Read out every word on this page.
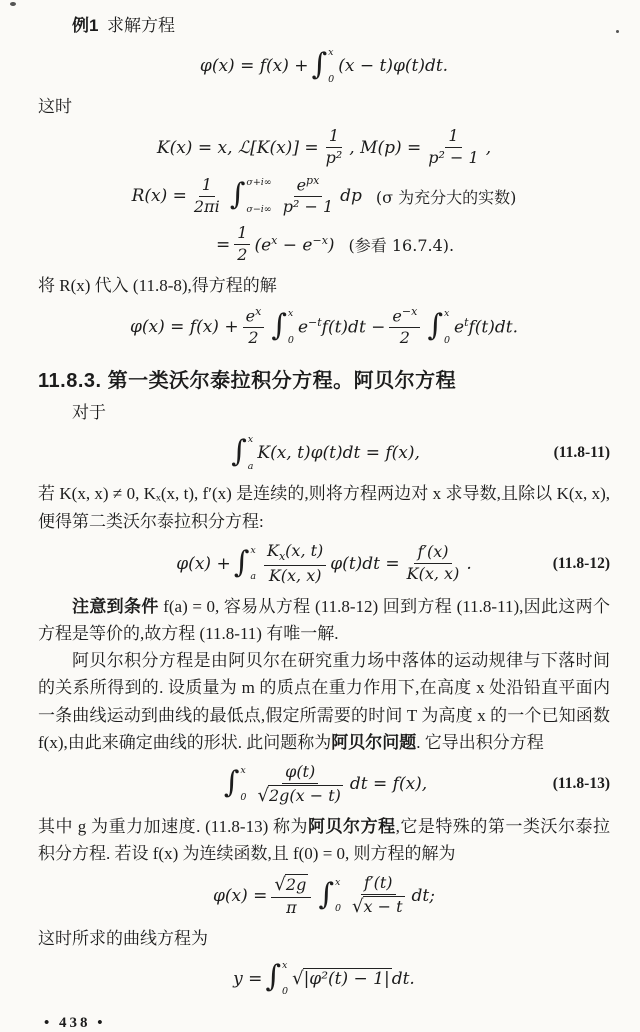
例1 求解方程

φ(x) = f(x) + ∫ x
0
(x − t)φ(t)dt.

这时

K(x) = x, ℒ[K(x)] = $\frac{1}{\text{p²}}$ , $M(p) = \frac{1}{\text{p² − 1}}$ ,
$R(x) = \frac{1}{2\pi i}$ ∫ σ+i∞
σ−i∞
$e^{px}$
p² − 1
dp (σ 为充分大的实数)
= $\frac{1}{2} (e^x - e^{-x})$ (参看 16.7.4).

将 R(x) 代入 (11.8-8),得方程的解

$\varphi(x) = f(x) + \frac{e^x}{2}$ ∫ x
0
$e^{-t}f(t)dt - \frac{e^{-x}}{2}$ ∫ x
0
$e^tf(t)dt$.
11.8.3. 第一类沃尔泰拉积分方程。阿贝尔方程

对于

∫ x
a
K(x, t)φ(t)dt = f(x),	(11.8-11)

若 K(x, x) ≠ 0, Kₓ(x, t), f′(x) 是连续的,则将方程两边对 x 求导数,且除以 K(x, x), 便得第二类沃尔泰拉积分方程:

φ(x) + ∫ x
a
$K_x(x$, t)
K(x, x)
$\varphi(t)dt = \frac{f'(x)}{K(x, x)}$ .	(11.8-12)

注意到条件 f(a) = 0, 容易从方程 (11.8-12) 回到方程 (11.8-11),因此这两个方程是等价的,故方程 (11.8-11) 有唯一解.

阿贝尔积分方程是由阿贝尔在研究重力场中落体的运动规律与下落时间的关系所得到的. 设质量为 m 的质点在重力作用下,在高度 x 处沿铅直平面内一条曲线运动到曲线的最低点,假定所需要的时间 T 为高度 x 的一个已知函数 f(x),由此来确定曲线的形状. 此问题称为阿贝尔问题. 它导出积分方程

∫ x
0
φ(t)
√2g(x − t)
dt = f(x),	(11.8-13)

其中 g 为重力加速度. (11.8-13) 称为阿贝尔方程,它是特殊的第一类沃尔泰拉积分方程. 若设 f(x) 为连续函数,且 f(0) = 0, 则方程的解为

$\varphi(x) = \frac{√2g}{\pi}$ ∫ x
0
f′(t)
√x − t
dt;

这时所求的曲线方程为

y = ∫ x
0
√ |φ²(t) − 1| dt.
• 438 •
